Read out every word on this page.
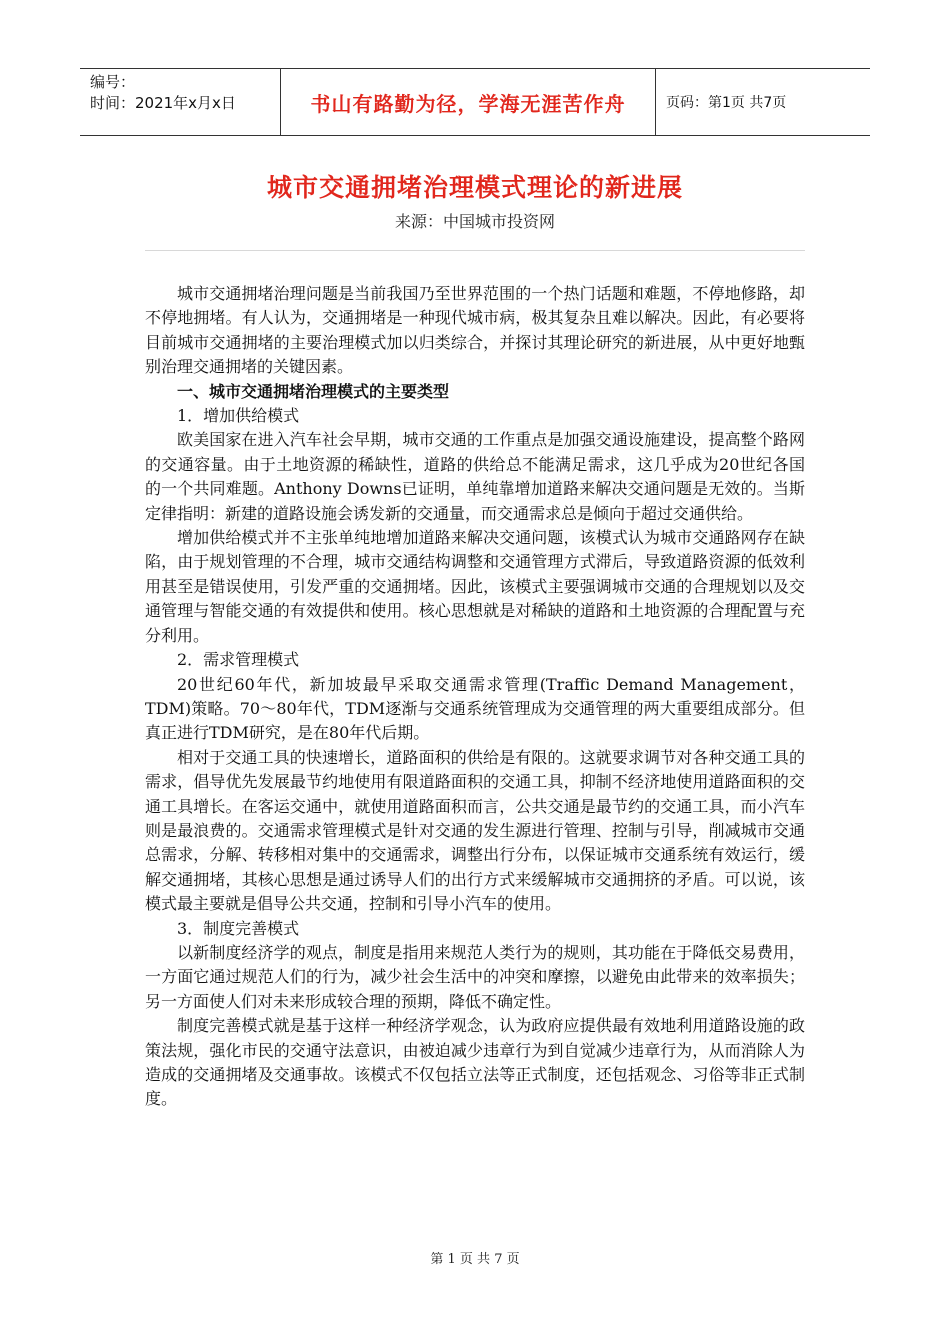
编号：
时间：2021年x月x日	书山有路勤为径，学海无涯苦作舟	页码：第1页 共7页
城市交通拥堵治理模式理论的新进展
来源：中国城市投资网

城市交通拥堵治理问题是当前我国乃至世界范围的一个热门话题和难题，不停地修路，却不停地拥堵。有人认为，交通拥堵是一种现代城市病，极其复杂且难以解决。因此，有必要将目前城市交通拥堵的主要治理模式加以归类综合，并探讨其理论研究的新进展，从中更好地甄别治理交通拥堵的关键因素。

一、城市交通拥堵治理模式的主要类型

1．增加供给模式

欧美国家在进入汽车社会早期，城市交通的工作重点是加强交通设施建设，提高整个路网的交通容量。由于土地资源的稀缺性，道路的供给总不能满足需求，这几乎成为20世纪各国的一个共同难题。Anthony Downs已证明，单纯靠增加道路来解决交通问题是无效的。当斯定律指明：新建的道路设施会诱发新的交通量，而交通需求总是倾向于超过交通供给。

增加供给模式并不主张单纯地增加道路来解决交通问题，该模式认为城市交通路网存在缺陷，由于规划管理的不合理，城市交通结构调整和交通管理方式滞后，导致道路资源的低效利用甚至是错误使用，引发严重的交通拥堵。因此，该模式主要强调城市交通的合理规划以及交通管理与智能交通的有效提供和使用。核心思想就是对稀缺的道路和土地资源的合理配置与充分利用。

2．需求管理模式

20世纪60年代，新加坡最早采取交通需求管理(Traffic Demand Management，TDM)策略。70～80年代，TDM逐渐与交通系统管理成为交通管理的两大重要组成部分。但真正进行TDM研究，是在80年代后期。

相对于交通工具的快速增长，道路面积的供给是有限的。这就要求调节对各种交通工具的需求，倡导优先发展最节约地使用有限道路面积的交通工具，抑制不经济地使用道路面积的交通工具增长。在客运交通中，就使用道路面积而言，公共交通是最节约的交通工具，而小汽车则是最浪费的。交通需求管理模式是针对交通的发生源进行管理、控制与引导，削减城市交通总需求，分解、转移相对集中的交通需求，调整出行分布，以保证城市交通系统有效运行，缓解交通拥堵，其核心思想是通过诱导人们的出行方式来缓解城市交通拥挤的矛盾。可以说，该模式最主要就是倡导公共交通，控制和引导小汽车的使用。

3．制度完善模式

以新制度经济学的观点，制度是指用来规范人类行为的规则，其功能在于降低交易费用，一方面它通过规范人们的行为，减少社会生活中的冲突和摩擦，以避免由此带来的效率损失；另一方面使人们对未来形成较合理的预期，降低不确定性。

制度完善模式就是基于这样一种经济学观念，认为政府应提供最有效地利用道路设施的政策法规，强化市民的交通守法意识，由被迫减少违章行为到自觉减少违章行为，从而消除人为造成的交通拥堵及交通事故。该模式不仅包括立法等正式制度，还包括观念、习俗等非正式制度。

第 1 页 共 7 页
